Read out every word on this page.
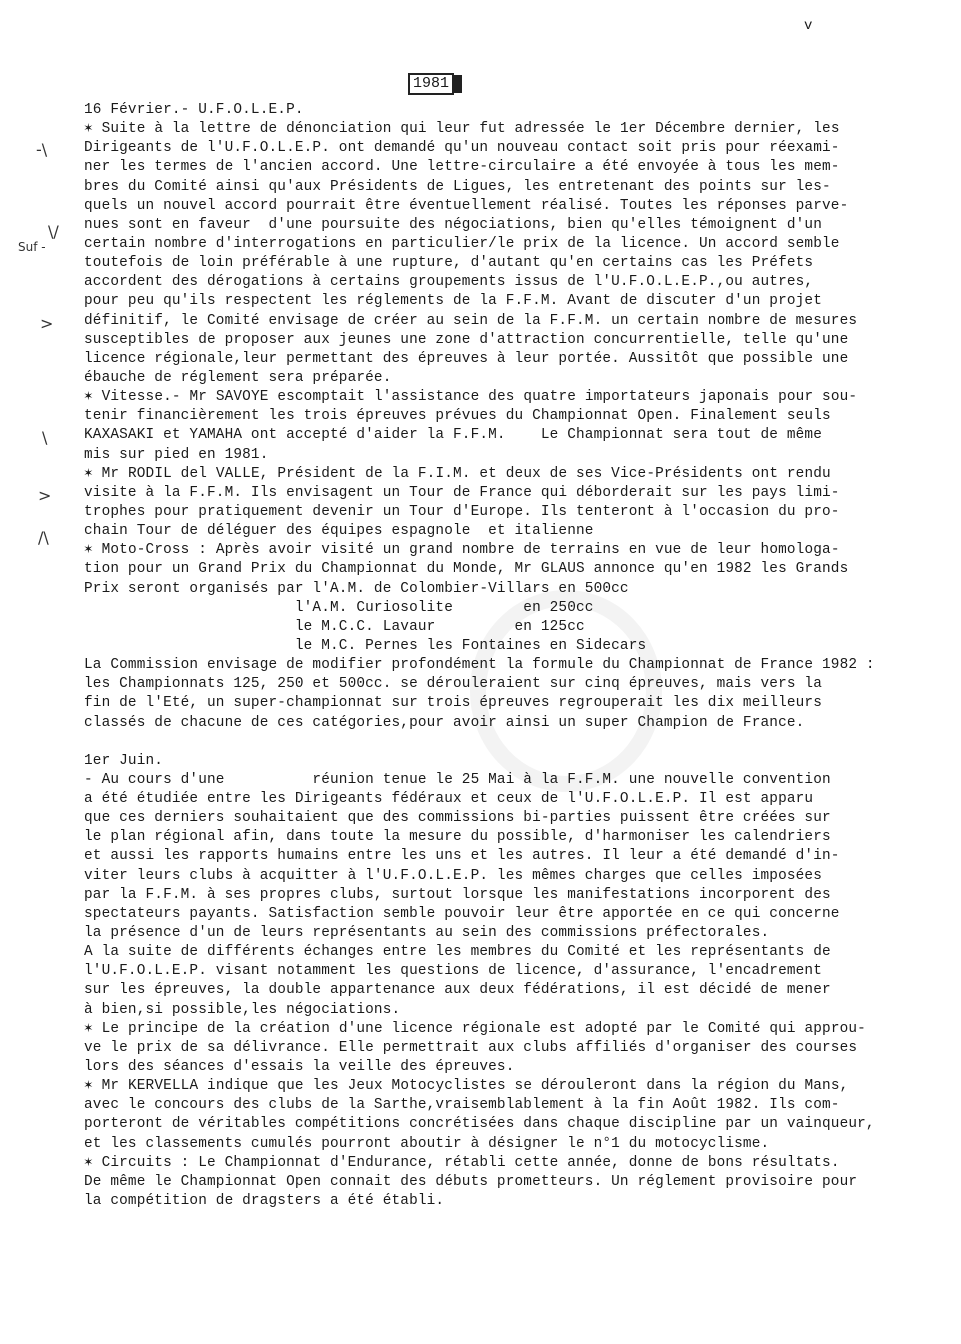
v
1981
-\
\/
Suf -
>
\
>
/\
16 Février.- U.F.O.L.E.P.
✶ Suite à la lettre de dénonciation qui leur fut adressée le 1er Décembre dernier, les
Dirigeants de l'U.F.O.L.E.P. ont demandé qu'un nouveau contact soit pris pour réexami-
ner les termes de l'ancien accord. Une lettre-circulaire a été envoyée à tous les mem-
bres du Comité ainsi qu'aux Présidents de Ligues, les entretenant des points sur les-
quels un nouvel accord pourrait être éventuellement réalisé. Toutes les réponses parve-
nues sont en faveur  d'une poursuite des négociations, bien qu'elles témoignent d'un
certain nombre d'interrogations en particulier/le prix de la licence. Un accord semble
toutefois de loin préférable à une rupture, d'autant qu'en certains cas les Préfets
accordent des dérogations à certains groupements issus de l'U.F.O.L.E.P.,ou autres,
pour peu qu'ils respectent les réglements de la F.F.M. Avant de discuter d'un projet
définitif, le Comité envisage de créer au sein de la F.F.M. un certain nombre de mesures
susceptibles de proposer aux jeunes une zone d'attraction concurrentielle, telle qu'une
licence régionale,leur permettant des épreuves à leur portée. Aussitôt que possible une
ébauche de réglement sera préparée.
✶ Vitesse.- Mr SAVOYE escomptait l'assistance des quatre importateurs japonais pour sou-
tenir financièrement les trois épreuves prévues du Championnat Open. Finalement seuls
KAXASAKI et YAMAHA ont accepté d'aider la F.F.M.    Le Championnat sera tout de même
mis sur pied en 1981.
✶ Mr RODIL del VALLE, Président de la F.I.M. et deux de ses Vice-Présidents ont rendu
visite à la F.F.M. Ils envisagent un Tour de France qui déborderait sur les pays limi-
trophes pour pratiquement devenir un Tour d'Europe. Ils tenteront à l'occasion du pro-
chain Tour de déléguer des équipes espagnole  et italienne
✶ Moto-Cross : Après avoir visité un grand nombre de terrains en vue de leur homologa-
tion pour un Grand Prix du Championnat du Monde, Mr GLAUS annonce qu'en 1982 les Grands
Prix seront organisés par l'A.M. de Colombier-Villars en 500cc
l'A.M. Curiosolite        en 250cc
le M.C.C. Lavaur         en 125cc
le M.C. Pernes les Fontaines en Sidecars
La Commission envisage de modifier profondément la formule du Championnat de France 1982 :
les Championnats 125, 250 et 500cc. se dérouleraient sur cinq épreuves, mais vers la
fin de l'Eté, un super-championnat sur trois épreuves regrouperait les dix meilleurs
classés de chacune de ces catégories,pour avoir ainsi un super Champion de France.
1er Juin.
- Au cours d'une          réunion tenue le 25 Mai à la F.F.M. une nouvelle convention
a été étudiée entre les Dirigeants fédéraux et ceux de l'U.F.O.L.E.P. Il est apparu
que ces derniers souhaitaient que des commissions bi-parties puissent être créées sur
le plan régional afin, dans toute la mesure du possible, d'harmoniser les calendriers
et aussi les rapports humains entre les uns et les autres. Il leur a été demandé d'in-
viter leurs clubs à acquitter à l'U.F.O.L.E.P. les mêmes charges que celles imposées
par la F.F.M. à ses propres clubs, surtout lorsque les manifestations incorporent des
spectateurs payants. Satisfaction semble pouvoir leur être apportée en ce qui concerne
la présence d'un de leurs représentants au sein des commissions préfectorales.
A la suite de différents échanges entre les membres du Comité et les représentants de
l'U.F.O.L.E.P. visant notamment les questions de licence, d'assurance, l'encadrement
sur les épreuves, la double appartenance aux deux fédérations, il est décidé de mener
à bien,si possible,les négociations.
✶ Le principe de la création d'une licence régionale est adopté par le Comité qui approu-
ve le prix de sa délivrance. Elle permettrait aux clubs affiliés d'organiser des courses
lors des séances d'essais la veille des épreuves.
✶ Mr KERVELLA indique que les Jeux Motocyclistes se dérouleront dans la région du Mans,
avec le concours des clubs de la Sarthe,vraisemblablement à la fin Août 1982. Ils com-
porteront de véritables compétitions concrétisées dans chaque discipline par un vainqueur,
et les classements cumulés pourront aboutir à désigner le n°1 du motocyclisme.
✶ Circuits : Le Championnat d'Endurance, rétabli cette année, donne de bons résultats.
De même le Championnat Open connait des débuts prometteurs. Un réglement provisoire pour
la compétition de dragsters a été établi.
